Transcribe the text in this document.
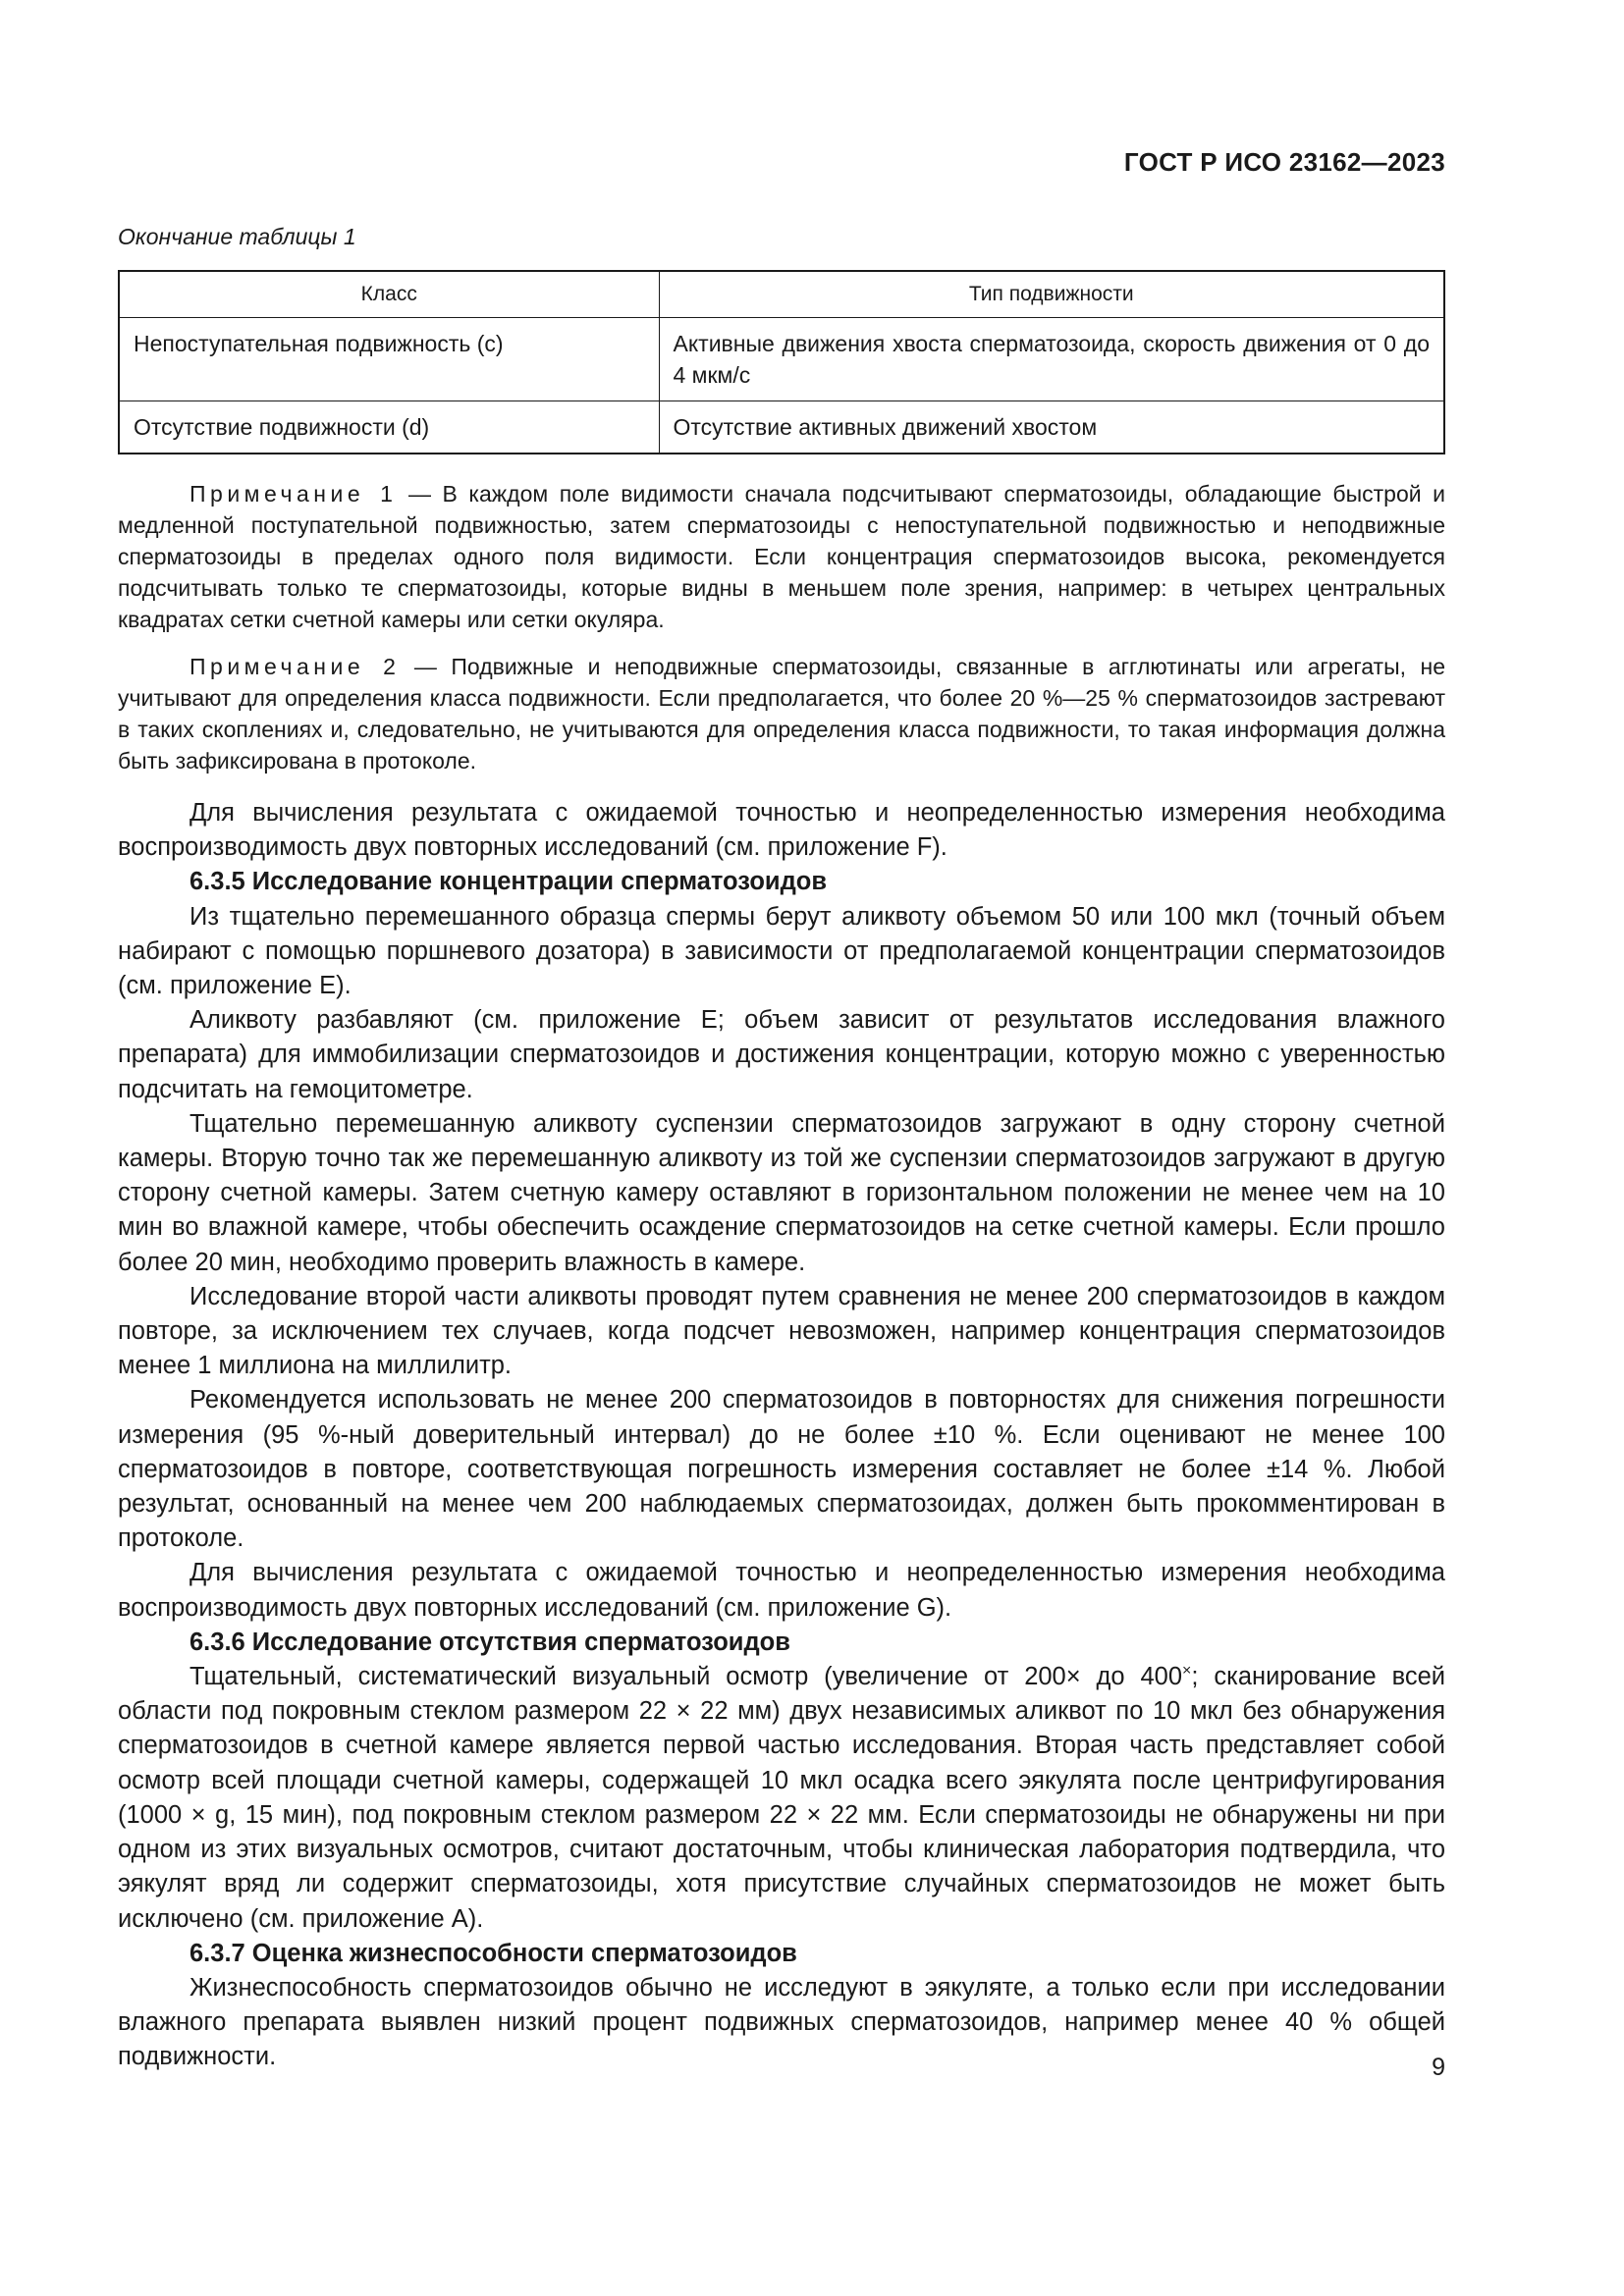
ГОСТ Р ИСО 23162—2023
Окончание таблицы 1
Класс	Тип подвижности
Непоступательная подвижность (с)	Активные движения хвоста сперматозоида, скорость движения от 0 до 4 мкм/с
Отсутствие подвижности (d)	Отсутствие активных движений хвостом

Примечание 1 — В каждом поле видимости сначала подсчитывают сперматозоиды, обладающие быстрой и медленной поступательной подвижностью, затем сперматозоиды с непоступательной подвижностью и неподвижные сперматозоиды в пределах одного поля видимости. Если концентрация сперматозоидов высока, рекомендуется подсчитывать только те сперматозоиды, которые видны в меньшем поле зрения, например: в четырех центральных квадратах сетки счетной камеры или сетки окуляра.

Примечание 2 — Подвижные и неподвижные сперматозоиды, связанные в агглютинаты или агрегаты, не учитывают для определения класса подвижности. Если предполагается, что более 20 %—25 % сперматозоидов застревают в таких скоплениях и, следовательно, не учитываются для определения класса подвижности, то такая информация должна быть зафиксирована в протоколе.

Для вычисления результата с ожидаемой точностью и неопределенностью измерения необходима воспроизводимость двух повторных исследований (см. приложение F).

6.3.5 Исследование концентрации сперматозоидов

Из тщательно перемешанного образца спермы берут аликвоту объемом 50 или 100 мкл (точный объем набирают с помощью поршневого дозатора) в зависимости от предполагаемой концентрации сперматозоидов (см. приложение Е).

Аликвоту разбавляют (см. приложение Е; объем зависит от результатов исследования влажного препарата) для иммобилизации сперматозоидов и достижения концентрации, которую можно с уверенностью подсчитать на гемоцитометре.

Тщательно перемешанную аликвоту суспензии сперматозоидов загружают в одну сторону счетной камеры. Вторую точно так же перемешанную аликвоту из той же суспензии сперматозоидов загружают в другую сторону счетной камеры. Затем счетную камеру оставляют в горизонтальном положении не менее чем на 10 мин во влажной камере, чтобы обеспечить осаждение сперматозоидов на сетке счетной камеры. Если прошло более 20 мин, необходимо проверить влажность в камере.

Исследование второй части аликвоты проводят путем сравнения не менее 200 сперматозоидов в каждом повторе, за исключением тех случаев, когда подсчет невозможен, например концентрация сперматозоидов менее 1 миллиона на миллилитр.

Рекомендуется использовать не менее 200 сперматозоидов в повторностях для снижения погрешности измерения (95 %-ный доверительный интервал) до не более ±10 %. Если оценивают не менее 100 сперматозоидов в повторе, соответствующая погрешность измерения составляет не более ±14 %. Любой результат, основанный на менее чем 200 наблюдаемых сперматозоидах, должен быть прокомментирован в протоколе.

Для вычисления результата с ожидаемой точностью и неопределенностью измерения необходима воспроизводимость двух повторных исследований (см. приложение G).

6.3.6 Исследование отсутствия сперматозоидов

Тщательный, систематический визуальный осмотр (увеличение от 200× до 400×; сканирование всей области под покровным стеклом размером 22 × 22 мм) двух независимых аликвот по 10 мкл без обнаружения сперматозоидов в счетной камере является первой частью исследования. Вторая часть представляет собой осмотр всей площади счетной камеры, содержащей 10 мкл осадка всего эякулята после центрифугирования (1000 × g, 15 мин), под покровным стеклом размером 22 × 22 мм. Если сперматозоиды не обнаружены ни при одном из этих визуальных осмотров, считают достаточным, чтобы клиническая лаборатория подтвердила, что эякулят вряд ли содержит сперматозоиды, хотя присутствие случайных сперматозоидов не может быть исключено (см. приложение А).

6.3.7 Оценка жизнеспособности сперматозоидов

Жизнеспособность сперматозоидов обычно не исследуют в эякуляте, а только если при исследовании влажного препарата выявлен низкий процент подвижных сперматозоидов, например менее 40 % общей подвижности.	9
